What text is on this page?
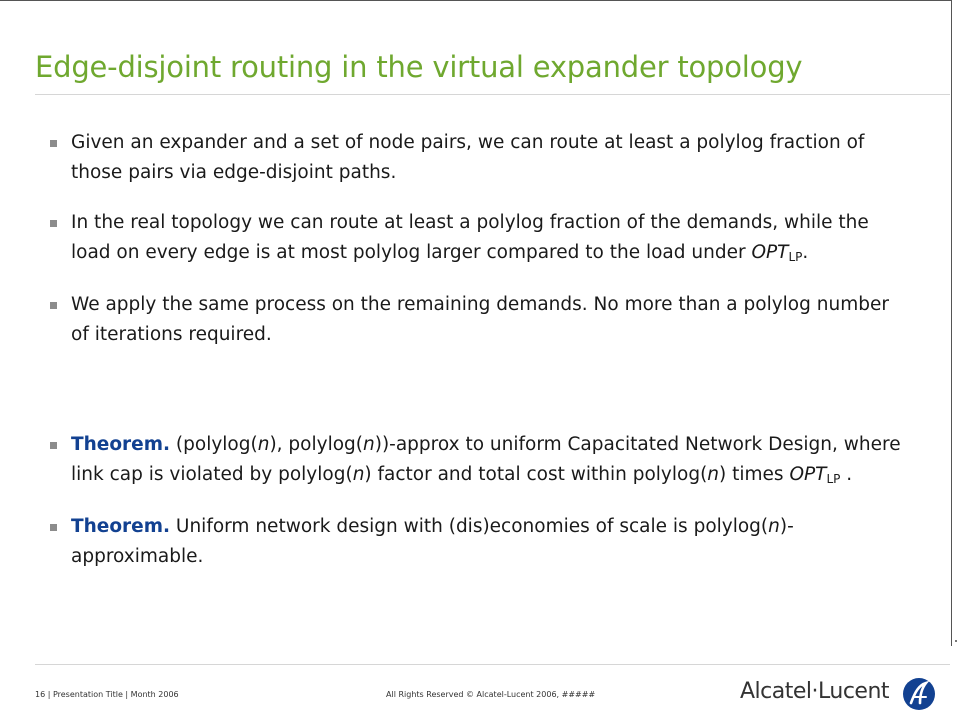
Edge-disjoint routing in the virtual expander topology
Given an expander and a set of node pairs, we can route at least a polylog fraction of those pairs via edge-disjoint paths.
In the real topology we can route at least a polylog fraction of the demands, while the load on every edge is at most polylog larger compared to the load under $OPT_{LP}$.
We apply the same process on the remaining demands. No more than a polylog number of iterations required.
Theorem. (polylog(n), polylog(n))-approx to uniform Capacitated Network Design, where link cap is violated by polylog(n) factor and total cost within polylog(n) times $OPT_{LP}$ .
Theorem. Uniform network design with (dis)economies of scale is polylog(n)-approximable.
16 | Presentation Title | Month 2006	All Rights Reserved © Alcatel-Lucent 2006, #####	Alcatel·Lucent
